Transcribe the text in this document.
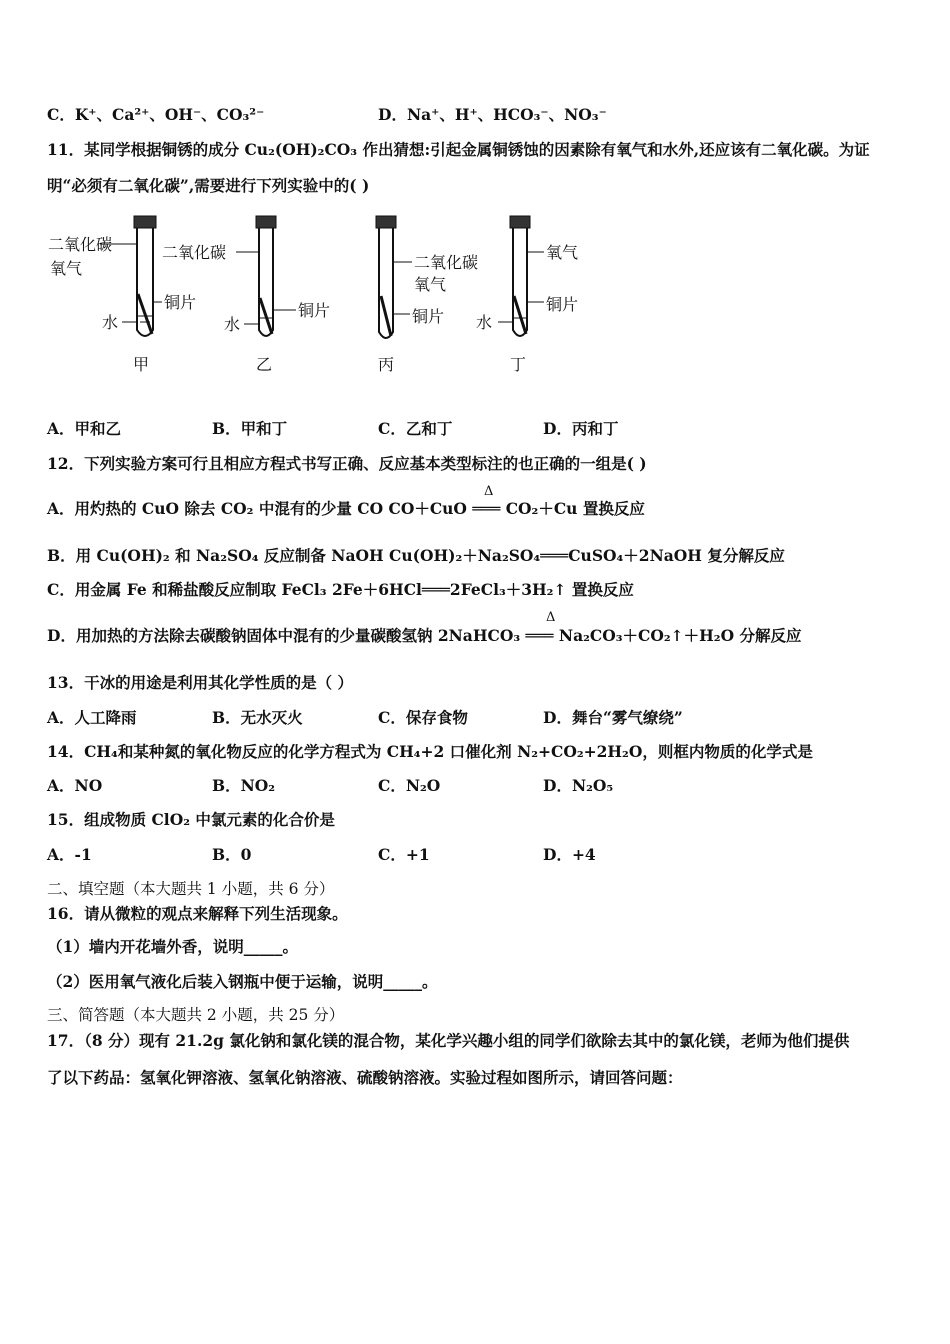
C．K⁺、Ca²⁺、OH⁻、CO₃²⁻	D．Na⁺、H⁺、HCO₃⁻、NO₃⁻
11．某同学根据铜锈的成分 Cu₂(OH)₂CO₃ 作出猜想:引起金属铜锈蚀的因素除有氧气和水外,还应该有二氧化碳。为证
明“必须有二氧化碳”,需要进行下列实验中的( )
二氧化碳
氧气
铜片
水
甲
二氧化碳
铜片
水
乙
二氧化碳
氧气
铜片
丙
氧气
铜片
水
丁
A．甲和乙	B．甲和丁	C．乙和丁	D．丙和丁
12．下列实验方案可行且相应方程式书写正确、反应基本类型标注的也正确的一组是( )
Δ
A．用灼热的 CuO 除去 CO₂ 中混有的少量 CO CO＋CuO ═══ CO₂＋Cu 置换反应
B．用 Cu(OH)₂ 和 Na₂SO₄ 反应制备 NaOH Cu(OH)₂＋Na₂SO₄═══CuSO₄＋2NaOH 复分解反应
C．用金属 Fe 和稀盐酸反应制取 FeCl₃ 2Fe＋6HCl═══2FeCl₃＋3H₂↑ 置换反应
Δ
D．用加热的方法除去碳酸钠固体中混有的少量碳酸氢钠 2NaHCO₃ ═══ Na₂CO₃＋CO₂↑＋H₂O 分解反应
13．干冰的用途是利用其化学性质的是（ ）
A．人工降雨	B．无水灭火	C．保存食物	D．舞台“雾气缭绕”
14．CH₄和某种氮的氧化物反应的化学方程式为 CH₄+2 口催化剂 N₂+CO₂+2H₂O，则框内物质的化学式是
A．NO	B．NO₂	C．N₂O	D．N₂O₅
15．组成物质 ClO₂ 中氯元素的化合价是
A．-1	B．0	C．+1	D．+4
二、填空题（本大题共 1 小题，共 6 分）
16．请从微粒的观点来解释下列生活现象。
（1）墙内开花墙外香，说明_____。
（2）医用氧气液化后装入钢瓶中便于运输，说明_____。
三、简答题（本大题共 2 小题，共 25 分）
17．（8 分）现有 21.2g 氯化钠和氯化镁的混合物，某化学兴趣小组的同学们欲除去其中的氯化镁，老师为他们提供
了以下药品：氢氧化钾溶液、氢氧化钠溶液、硫酸钠溶液。实验过程如图所示，请回答问题：
